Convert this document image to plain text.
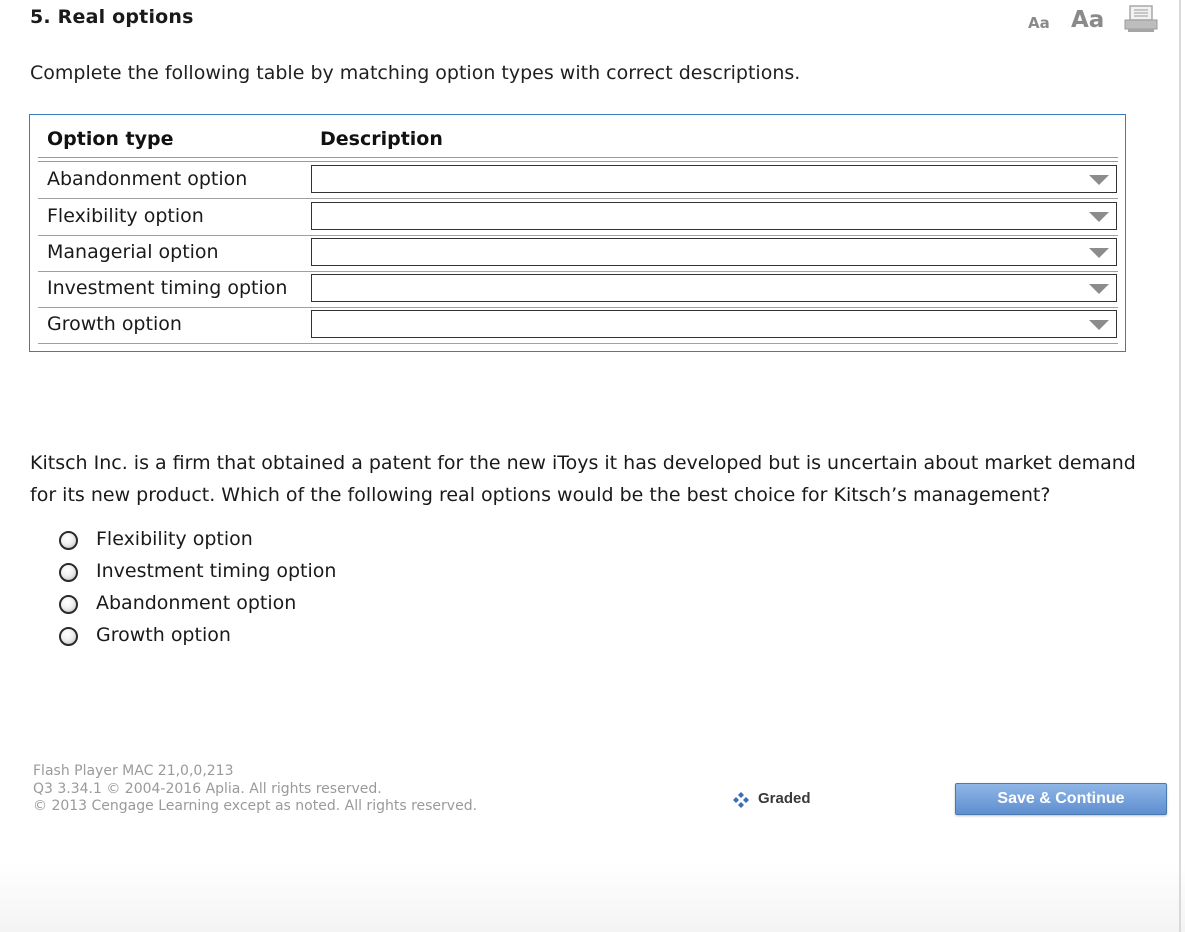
5. Real options	Aa Aa
Complete the following table by matching option types with correct descriptions.
Option type	Description
Abandonment option
Flexibility option
Managerial option
Investment timing option
Growth option
Kitsch Inc. is a firm that obtained a patent for the new iToys it has developed but is uncertain about market demand for its new product. Which of the following real options would be the best choice for Kitsch’s management?
Flexibility option
Investment timing option
Abandonment option
Growth option
Flash Player MAC 21,0,0,213
Q3 3.34.1 © 2004-2016 Aplia. All rights reserved.
© 2013 Cengage Learning except as noted. All rights reserved.	Graded	Save & Continue
